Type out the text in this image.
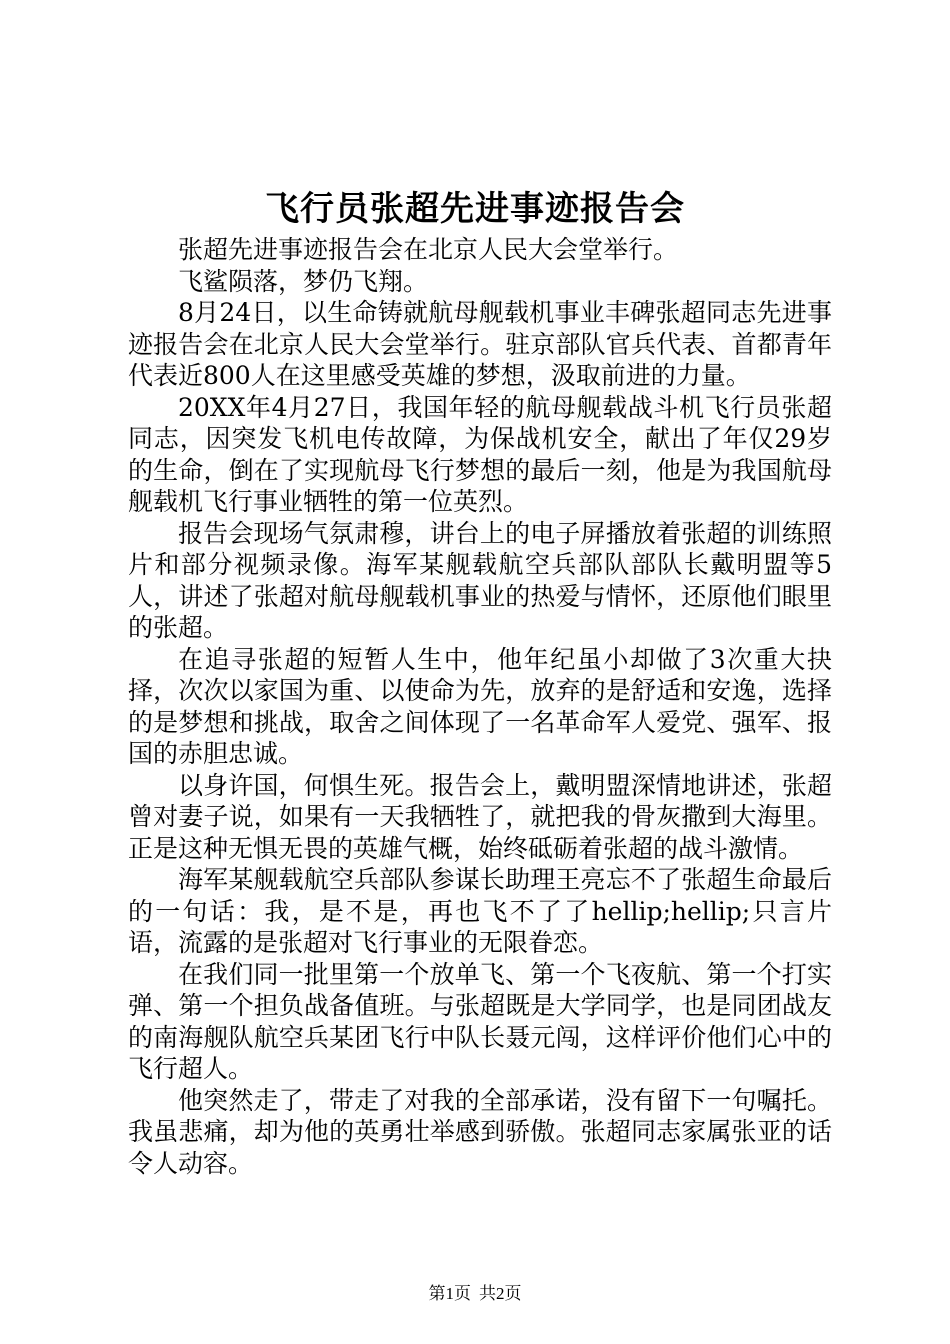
飞行员张超先进事迹报告会

张超先进事迹报告会在北京人民大会堂举行。

飞鲨陨落，梦仍飞翔。

8月24日，以生命铸就航母舰载机事业丰碑张超同志先进事迹报告会在北京人民大会堂举行。驻京部队官兵代表、首都青年代表近800人在这里感受英雄的梦想，汲取前进的力量。

20XX年4月27日，我国年轻的航母舰载战斗机飞行员张超同志，因突发飞机电传故障，为保战机安全，献出了年仅29岁的生命，倒在了实现航母飞行梦想的最后一刻，他是为我国航母舰载机飞行事业牺牲的第一位英烈。

报告会现场气氛肃穆，讲台上的电子屏播放着张超的训练照片和部分视频录像。海军某舰载航空兵部队部队长戴明盟等5人，讲述了张超对航母舰载机事业的热爱与情怀，还原他们眼里的张超。

在追寻张超的短暂人生中，他年纪虽小却做了3次重大抉择，次次以家国为重、以使命为先，放弃的是舒适和安逸，选择的是梦想和挑战，取舍之间体现了一名革命军人爱党、强军、报国的赤胆忠诚。

以身许国，何惧生死。报告会上，戴明盟深情地讲述，张超曾对妻子说，如果有一天我牺牲了，就把我的骨灰撒到大海里。正是这种无惧无畏的英雄气概，始终砥砺着张超的战斗激情。

海军某舰载航空兵部队参谋长助理王亮忘不了张超生命最后的一句话：我，是不是，再也飞不了了hellip;hellip;只言片语，流露的是张超对飞行事业的无限眷恋。

在我们同一批里第一个放单飞、第一个飞夜航、第一个打实弹、第一个担负战备值班。与张超既是大学同学，也是同团战友的南海舰队航空兵某团飞行中队长聂元闯，这样评价他们心中的飞行超人。

他突然走了，带走了对我的全部承诺，没有留下一句嘱托。我虽悲痛，却为他的英勇壮举感到骄傲。张超同志家属张亚的话令人动容。

第1页 共2页
